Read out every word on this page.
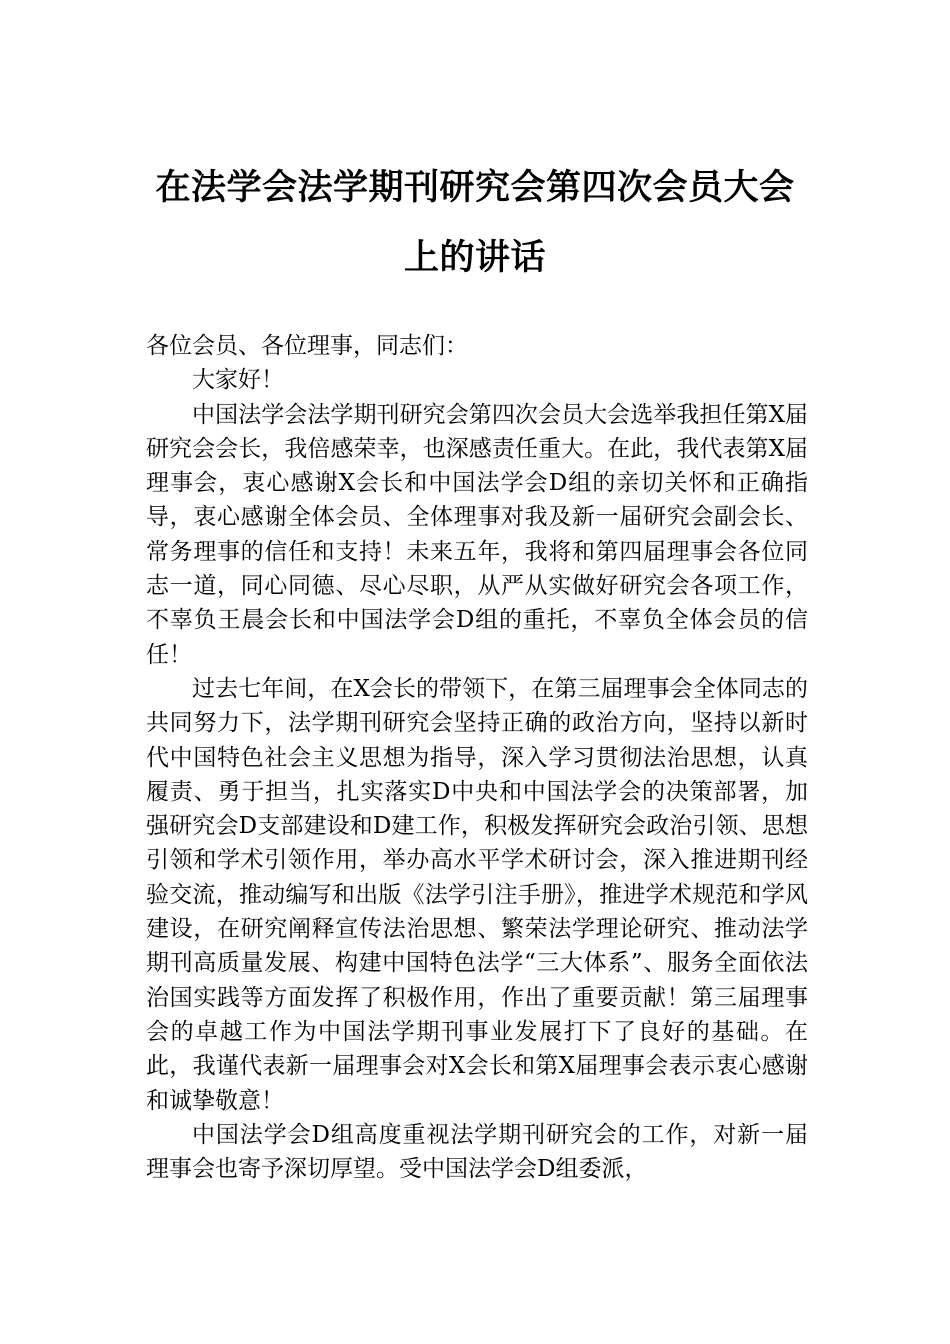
在法学会法学期刊研究会第四次会员大会
上的讲话

各位会员、各位理事，同志们：

大家好！

中国法学会法学期刊研究会第四次会员大会选举我担任第X届研究会会长，我倍感荣幸，也深感责任重大。在此，我代表第X届理事会，衷心感谢X会长和中国法学会D组的亲切关怀和正确指导，衷心感谢全体会员、全体理事对我及新一届研究会副会长、常务理事的信任和支持！未来五年，我将和第四届理事会各位同志一道，同心同德、尽心尽职，从严从实做好研究会各项工作，不辜负王晨会长和中国法学会D组的重托，不辜负全体会员的信任！

过去七年间，在X会长的带领下，在第三届理事会全体同志的共同努力下，法学期刊研究会坚持正确的政治方向，坚持以新时代中国特色社会主义思想为指导，深入学习贯彻法治思想，认真履责、勇于担当，扎实落实D中央和中国法学会的决策部署，加强研究会D支部建设和D建工作，积极发挥研究会政治引领、思想引领和学术引领作用，举办高水平学术研讨会，深入推进期刊经验交流，推动编写和出版《法学引注手册》，推进学术规范和学风建设，在研究阐释宣传法治思想、繁荣法学理论研究、推动法学期刊高质量发展、构建中国特色法学“三大体系”、服务全面依法治国实践等方面发挥了积极作用，作出了重要贡献！第三届理事会的卓越工作为中国法学期刊事业发展打下了良好的基础。在此，我谨代表新一届理事会对X会长和第X届理事会表示衷心感谢和诚挚敬意！

中国法学会D组高度重视法学期刊研究会的工作，对新一届理事会也寄予深切厚望。受中国法学会D组委派，
